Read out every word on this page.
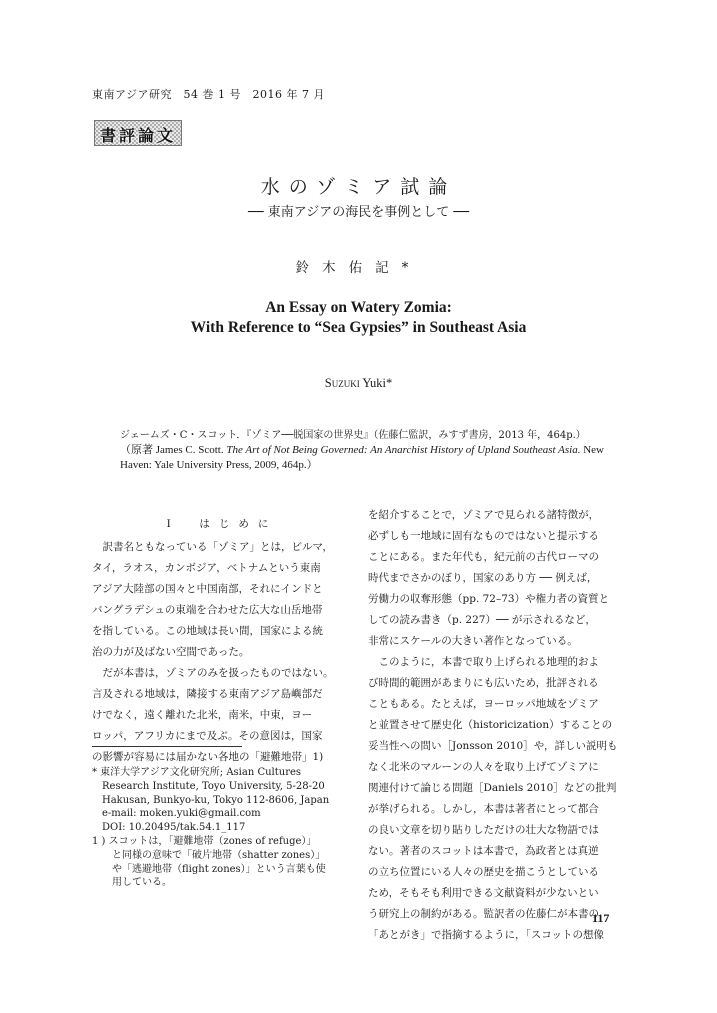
東南アジア研究　54 巻 1 号　2016 年 7 月
書評論文
水のゾミア試論
── 東南アジアの海民を事例として ──
鈴木佑記*
An Essay on Watery Zomia:
With Reference to “Sea Gypsies” in Southeast Asia
Suzuki Yuki*
ジェームズ・C・スコット．『ゾミア──脱国家の世界史』（佐藤仁監訳，みすず書房，2013 年，464p.）
（原著 James C. Scott. The Art of Not Being Governed: An Anarchist History of Upland Southeast Asia. New Haven: Yale University Press, 2009, 464p.）
I　はじめに
　訳書名ともなっている「ゾミア」とは，ビルマ，
タイ，ラオス，カンボジア，ベトナムという東南
アジア大陸部の国々と中国南部，それにインドと
バングラデシュの東端を合わせた広大な山岳地帯
を指している。この地域は長い間，国家による統
治の力が及ばない空間であった。
　だが本書は，ゾミアのみを扱ったものではない。
言及される地域は，隣接する東南アジア島嶼部だ
けでなく，遠く離れた北米，南米，中東，ヨー
ロッパ，アフリカにまで及ぶ。その意図は，国家
の影響が容易には届かない各地の「避難地帯」1)
* 東洋大学アジア文化研究所; Asian Cultures
　Research Institute, Toyo University, 5-28-20
　Hakusan, Bunkyo-ku, Tokyo 112-8606, Japan
　e-mail: moken.yuki@gmail.com
　DOI: 10.20495/tak.54.1_117
1 ) スコットは，「避難地帯（zones of refuge）」
　　と同様の意味で「破片地帯（shatter zones）」
　　や「逃避地帯（flight zones）」という言葉も使
　　用している。
を紹介することで，ゾミアで見られる諸特徴が，
必ずしも一地域に固有なものではないと提示する
ことにある。また年代も，紀元前の古代ローマの
時代までさかのぼり，国家のあり方 ── 例えば，
労働力の収奪形態（pp. 72–73）や権力者の資質と
しての読み書き（p. 227）── が示されるなど，
非常にスケールの大きい著作となっている。
　このように，本書で取り上げられる地理的およ
び時間的範囲があまりにも広いため，批評される
こともある。たとえば，ヨーロッパ地域をゾミア
と並置させて歴史化（historicization）することの
妥当性への問い［Jonsson 2010］や，詳しい説明も
なく北米のマルーンの人々を取り上げてゾミアに
関連付けて論じる問題［Daniels 2010］などの批判
が挙げられる。しかし，本書は著者にとって都合
の良い文章を切り貼りしただけの壮大な物語では
ない。著者のスコットは本書で，為政者とは真逆
の立ち位置にいる人々の歴史を描こうとしている
ため，そもそも利用できる文献資料が少ないとい
う研究上の制約がある。監訳者の佐藤仁が本書の
「あとがき」で指摘するように，「スコットの想像
117
